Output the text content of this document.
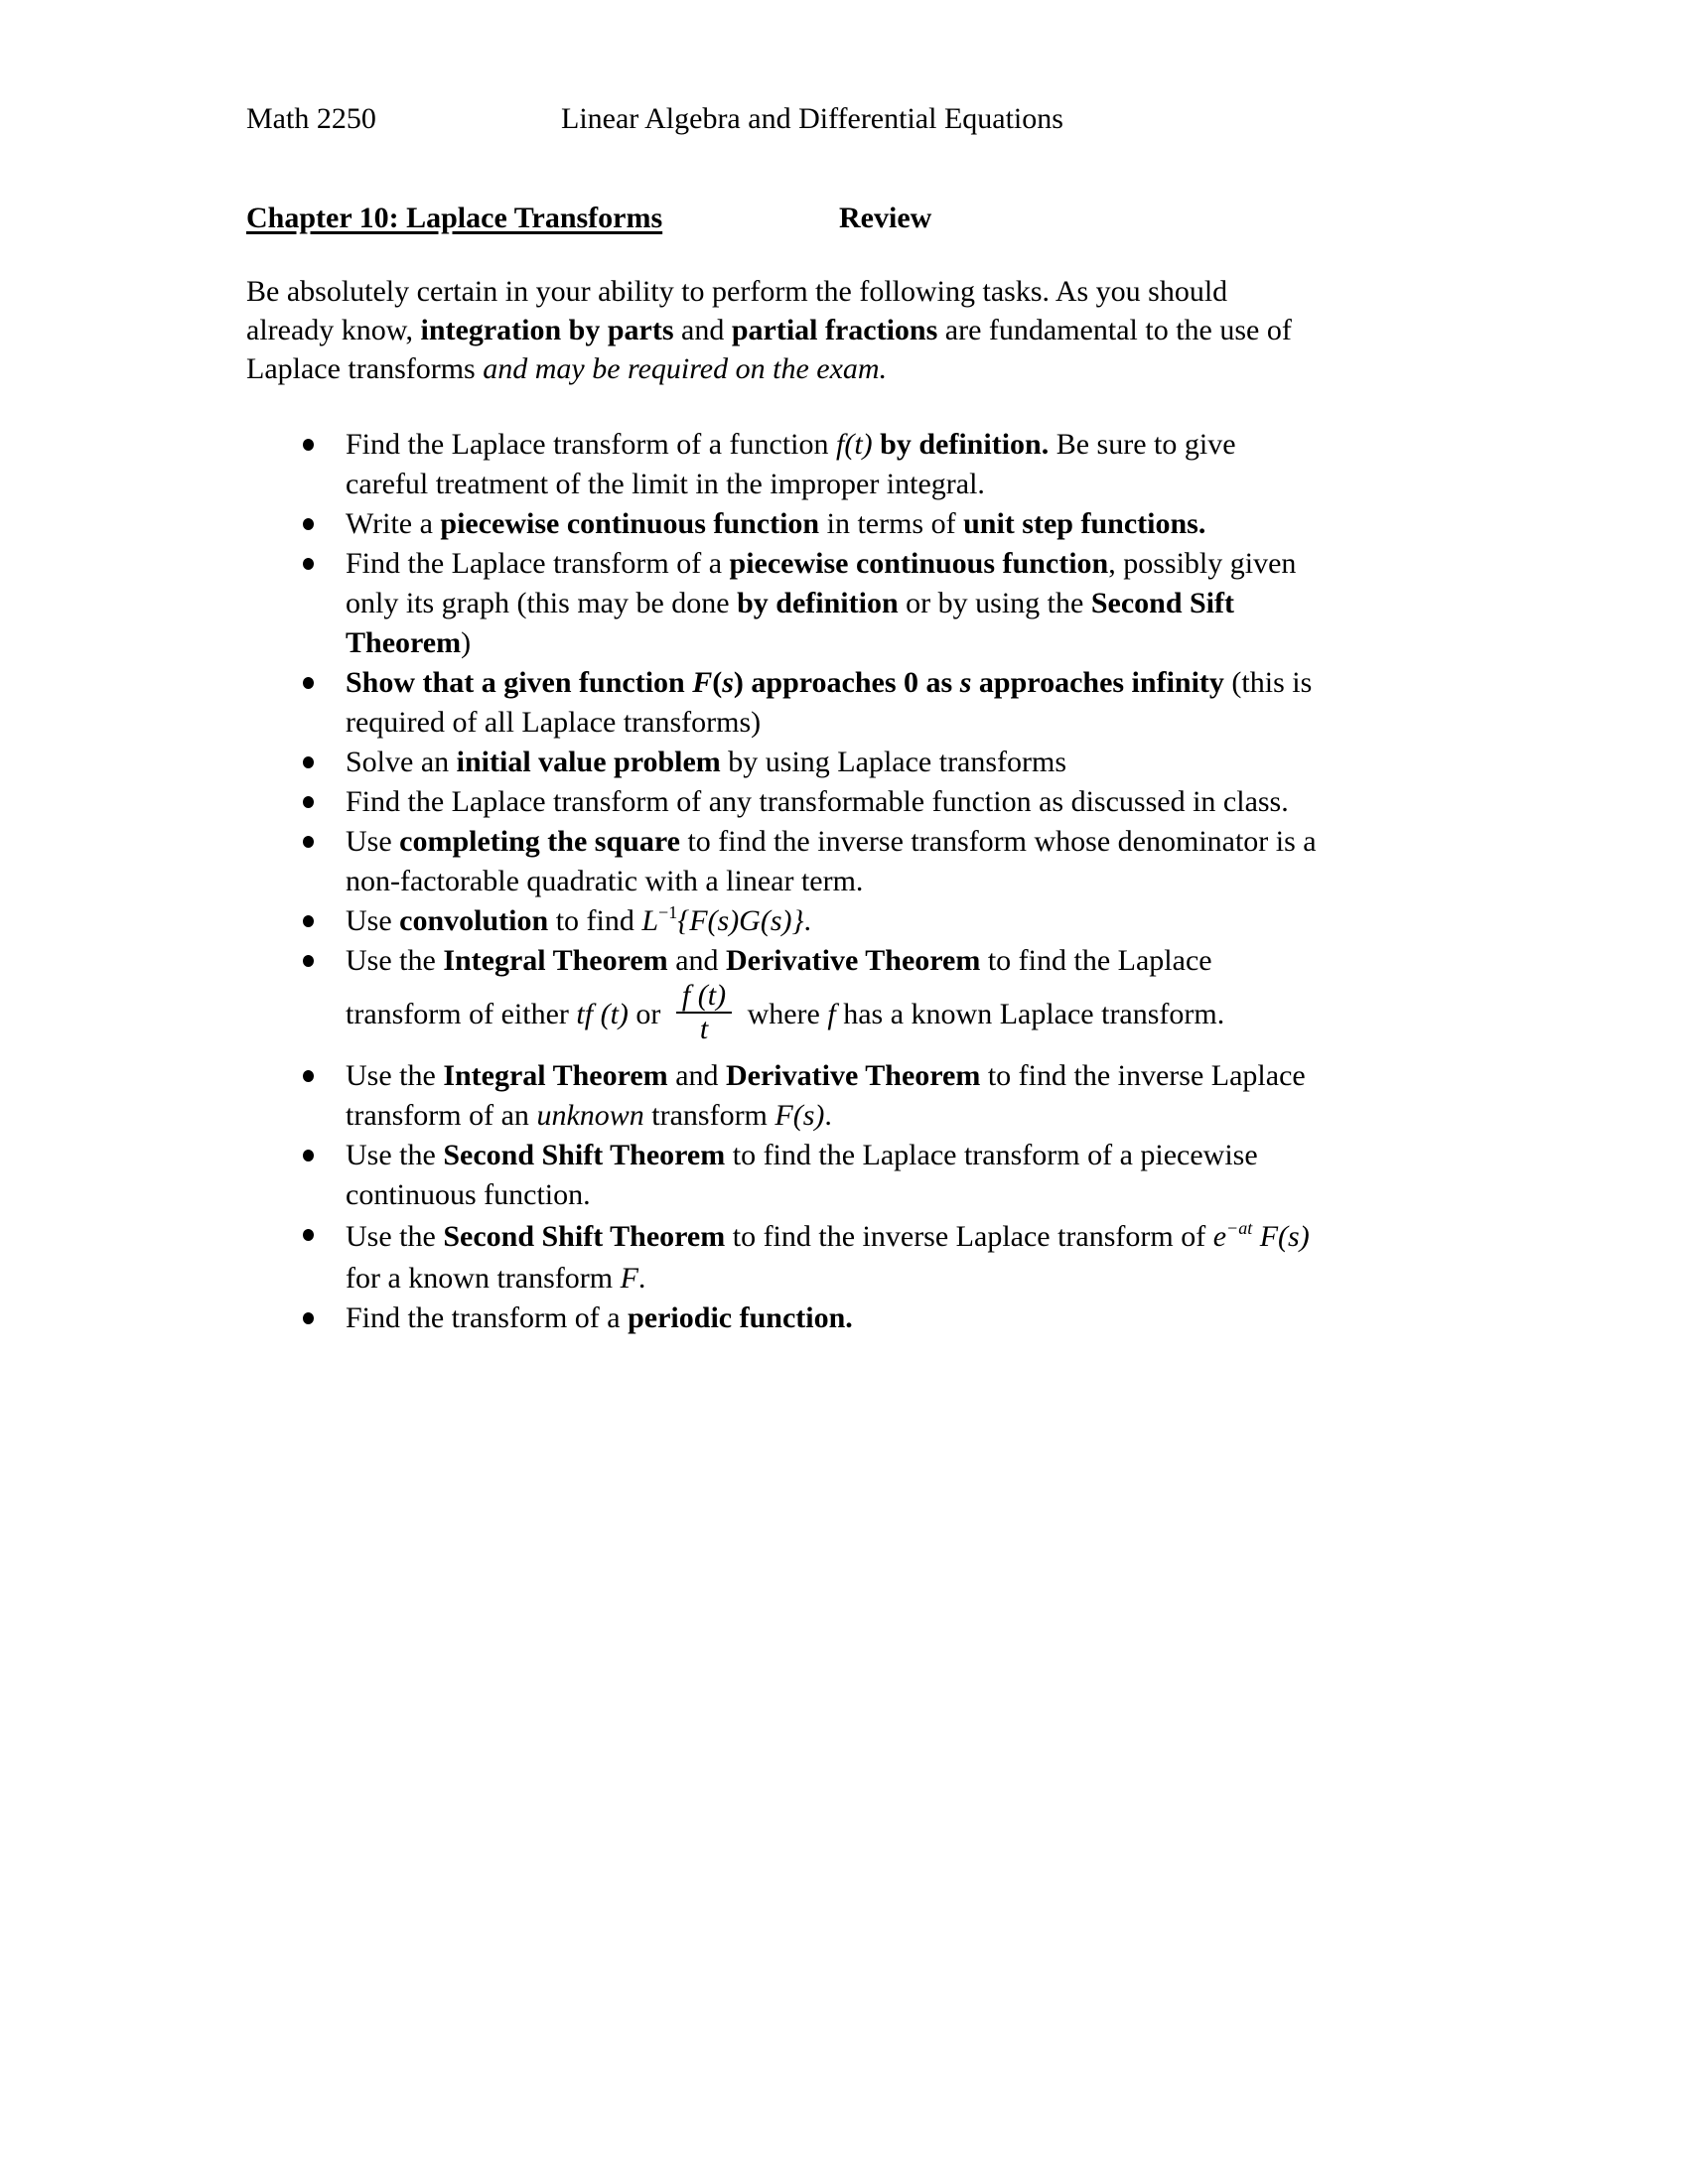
Math 2250	Linear Algebra and Differential Equations
Chapter 10: Laplace Transforms	Review
Be absolutely certain in your ability to perform the following tasks. As you should
already know, integration by parts and partial fractions are fundamental to the use of
Laplace transforms and may be required on the exam.
Find the Laplace transform of a function f(t) by definition. Be sure to give
careful treatment of the limit in the improper integral.
Write a piecewise continuous function in terms of unit step functions.
Find the Laplace transform of a piecewise continuous function, possibly given
only its graph (this may be done by definition or by using the Second Sift
Theorem)
Show that a given function F(s) approaches 0 as s approaches infinity (this is
required of all Laplace transforms)
Solve an initial value problem by using Laplace transforms
Find the Laplace transform of any transformable function as discussed in class.
Use completing the square to find the inverse transform whose denominator is a
non-factorable quadratic with a linear term.
Use convolution to find $L^{-1}\{F(s)G(s)\}$.
Use the Integral Theorem and Derivative Theorem to find the Laplace
transform of either tf (t) or $\frac{f (t)}{t}$ where f has a known Laplace transform.
Use the Integral Theorem and Derivative Theorem to find the inverse Laplace
transform of an unknown transform F(s).
Use the Second Shift Theorem to find the Laplace transform of a piecewise
continuous function.
Use the Second Shift Theorem to find the inverse Laplace transform of $e^{-at}$ F(s)
for a known transform F.
Find the transform of a periodic function.
